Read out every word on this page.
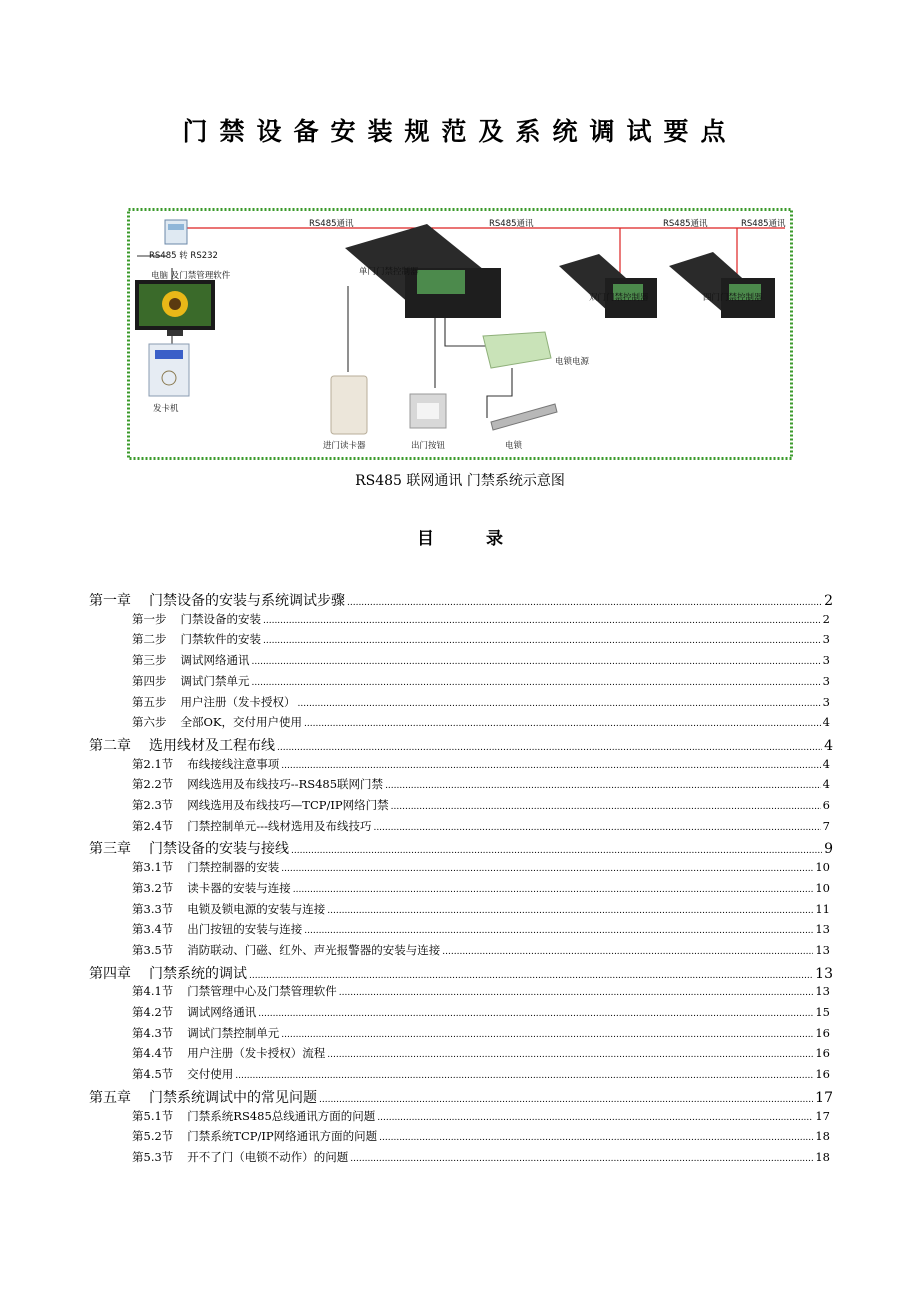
门禁设备安装规范及系统调试要点
RS485通讯	RS485通讯	RS485通讯	RS485通讯
RS485 转 RS232
电脑 及门禁管理软件
发卡机
单门门禁控制器
双门门禁控制器	四门门禁控制器
电锁电源
进门读卡器	出门按钮	电锁
RS485 联网通讯 门禁系统示意图
目	录
第一章 门禁设备的安装与系统调试步骤 .....	2
第一步 门禁设备的安装 .....	2
第二步 门禁软件的安装 .....	3
第三步 调试网络通讯 .....	3
第四步 调试门禁单元 .....	3
第五步 用户注册（发卡授权） .....	3
第六步 全部OK，交付用户使用 .....	4
第二章 选用线材及工程布线 .....	4
第2.1节 布线接线注意事项 .....	4
第2.2节 网线选用及布线技巧--RS485联网门禁 .....	4
第2.3节 网线选用及布线技巧—TCP/IP网络门禁 .....	6
第2.4节 门禁控制单元---线材选用及布线技巧 .....	7
第三章 门禁设备的安装与接线 .....	9
第3.1节 门禁控制器的安装 .....	10
第3.2节 读卡器的安装与连接 .....	10
第3.3节 电锁及锁电源的安装与连接 .....	11
第3.4节 出门按钮的安装与连接 .....	13
第3.5节 消防联动、门磁、红外、声光报警器的安装与连接 .....	13
第四章 门禁系统的调试 .....	13
第4.1节 门禁管理中心及门禁管理软件 .....	13
第4.2节 调试网络通讯 .....	15
第4.3节 调试门禁控制单元 .....	16
第4.4节 用户注册（发卡授权）流程 .....	16
第4.5节 交付使用 .....	16
第五章 门禁系统调试中的常见问题 .....	17
第5.1节 门禁系统RS485总线通讯方面的问题 .....	17
第5.2节 门禁系统TCP/IP网络通讯方面的问题 .....	18
第5.3节 开不了门（电锁不动作）的问题 .....	18
